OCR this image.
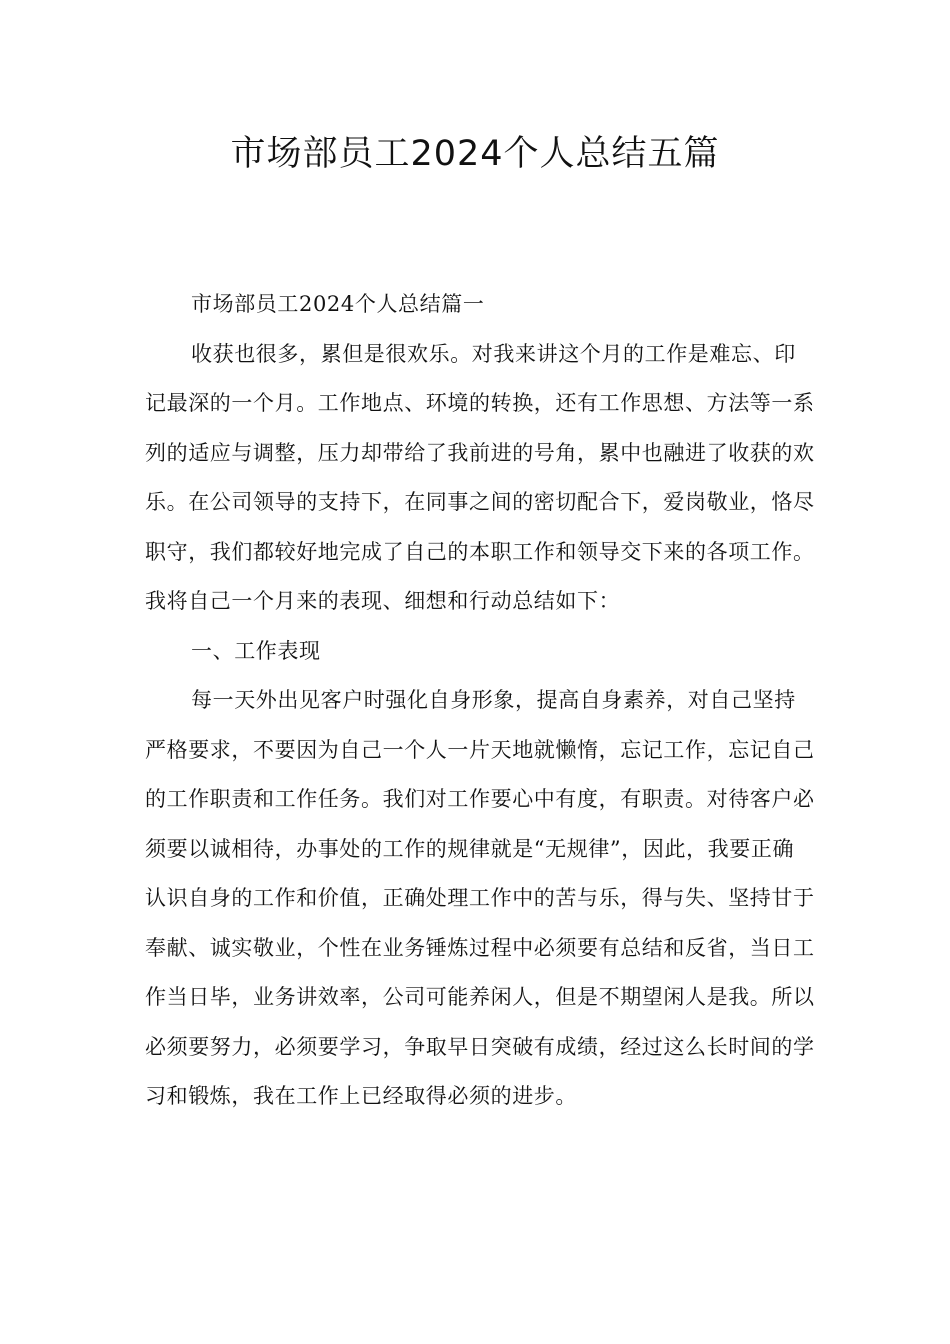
市场部员工2024个人总结五篇

市场部员工2024个人总结篇一

收获也很多，累但是很欢乐。对我来讲这个月的工作是难忘、印记最深的一个月。工作地点、环境的转换，还有工作思想、方法等一系列的适应与调整，压力却带给了我前进的号角，累中也融进了收获的欢乐。在公司领导的支持下，在同事之间的密切配合下，爱岗敬业，恪尽职守，我们都较好地完成了自己的本职工作和领导交下来的各项工作。我将自己一个月来的表现、细想和行动总结如下：

一、工作表现

每一天外出见客户时强化自身形象，提高自身素养，对自己坚持严格要求，不要因为自己一个人一片天地就懒惰，忘记工作，忘记自己的工作职责和工作任务。我们对工作要心中有度，有职责。对待客户必须要以诚相待，办事处的工作的规律就是“无规律”，因此，我要正确认识自身的工作和价值，正确处理工作中的苦与乐，得与失、坚持甘于奉献、诚实敬业，个性在业务锤炼过程中必须要有总结和反省，当日工作当日毕，业务讲效率，公司可能养闲人，但是不期望闲人是我。所以必须要努力，必须要学习，争取早日突破有成绩，经过这么长时间的学习和锻炼，我在工作上已经取得必须的进步。
